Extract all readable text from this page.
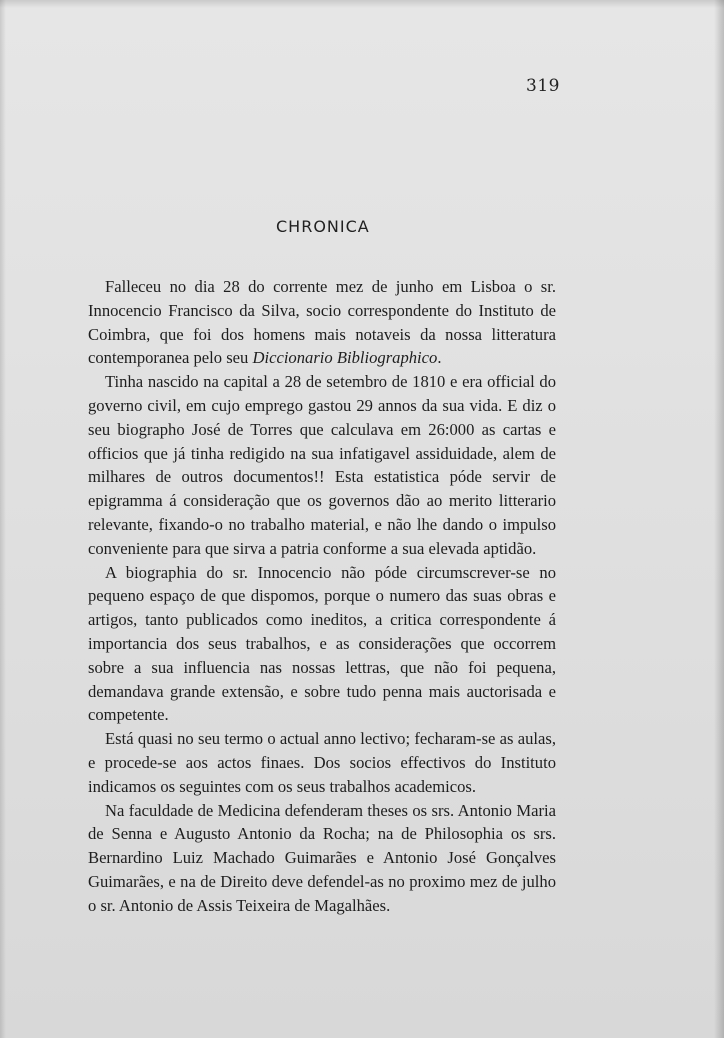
319
CHRONICA

Falleceu no dia 28 do corrente mez de junho em Lisboa o sr. Innocencio Francisco da Silva, socio correspondente do Instituto de Coimbra, que foi dos homens mais notaveis da nossa litteratura contemporanea pelo seu Diccionario Bibliographico.

Tinha nascido na capital a 28 de setembro de 1810 e era official do governo civil, em cujo emprego gastou 29 annos da sua vida. E diz o seu biographo José de Torres que calculava em 26:000 as cartas e officios que já tinha redigido na sua infatigavel assiduidade, alem de milhares de outros documentos!! Esta estatistica póde servir de epigramma á consideração que os governos dão ao merito litterario relevante, fixando-o no trabalho material, e não lhe dando o impulso conveniente para que sirva a patria conforme a sua elevada aptidão.

A biographia do sr. Innocencio não póde circumscrever-se no pequeno espaço de que dispomos, porque o numero das suas obras e artigos, tanto publicados como ineditos, a critica correspondente á importancia dos seus trabalhos, e as considerações que occorrem sobre a sua influencia nas nossas lettras, que não foi pequena, demandava grande extensão, e sobre tudo penna mais auctorisada e competente.

Está quasi no seu termo o actual anno lectivo; fecharam-se as aulas, e procede-se aos actos finaes. Dos socios effectivos do Instituto indicamos os seguintes com os seus trabalhos academicos.

Na faculdade de Medicina defenderam theses os srs. Antonio Maria de Senna e Augusto Antonio da Rocha; na de Philosophia os srs. Bernardino Luiz Machado Guimarães e Antonio José Gonçalves Guimarães, e na de Direito deve defendel-as no proximo mez de julho o sr. Antonio de Assis Teixeira de Magalhães.
